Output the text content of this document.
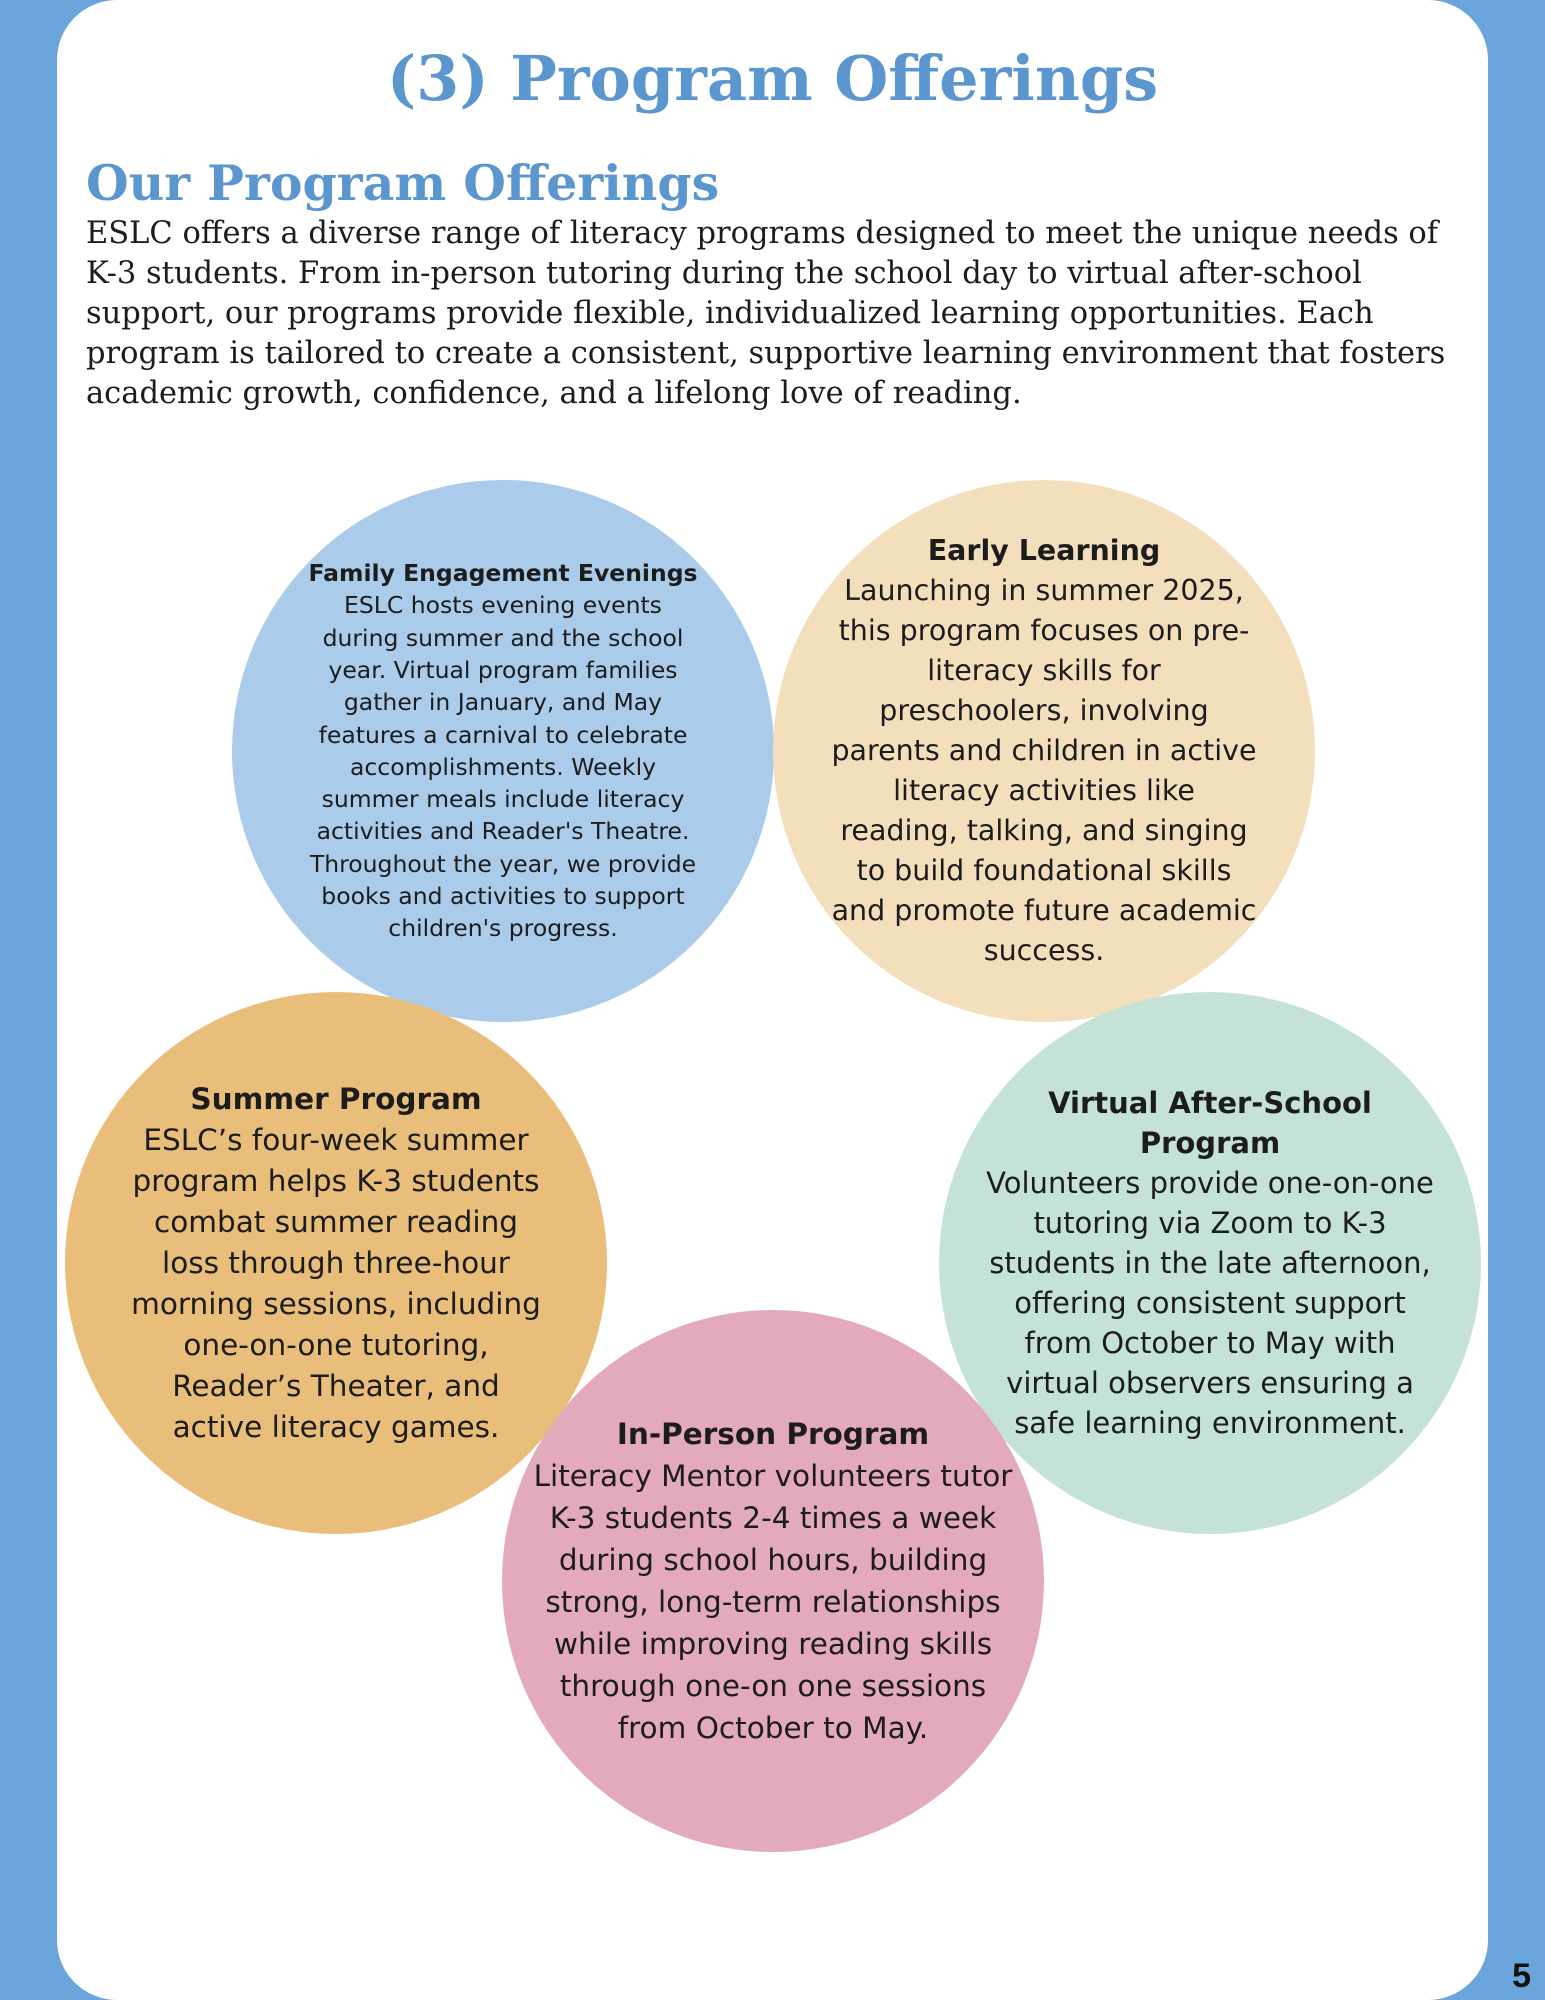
(3) Program Offerings
Our Program Offerings

ESLC offers a diverse range of literacy programs designed to meet the unique needs of K-3 students. From in-person tutoring during the school day to virtual after-school support, our programs provide flexible, individualized learning opportunities. Each program is tailored to create a consistent, supportive learning environment that fosters academic growth, confidence, and a lifelong love of reading.

Family Engagement Evenings

ESLC hosts evening events during summer and the school year. Virtual program families gather in January, and May features a carnival to celebrate accomplishments. Weekly summer meals include literacy activities and Reader's Theatre. Throughout the year, we provide books and activities to support children's progress.

Early Learning

Launching in summer 2025, this program focuses on pre-literacy skills for preschoolers, involving parents and children in active literacy activities like reading, talking, and singing to build foundational skills and promote future academic success.

Summer Program

ESLC’s four-week summer program helps K-3 students combat summer reading loss through three-hour morning sessions, including one-on-one tutoring, Reader’s Theater, and active literacy games.

Virtual After-School Program

Volunteers provide one-on-one tutoring via Zoom to K-3 students in the late afternoon, offering consistent support from October to May with virtual observers ensuring a safe learning environment.

In-Person Program

Literacy Mentor volunteers tutor K-3 students 2-4 times a week during school hours, building strong, long-term relationships while improving reading skills through one-on one sessions from October to May.

5
